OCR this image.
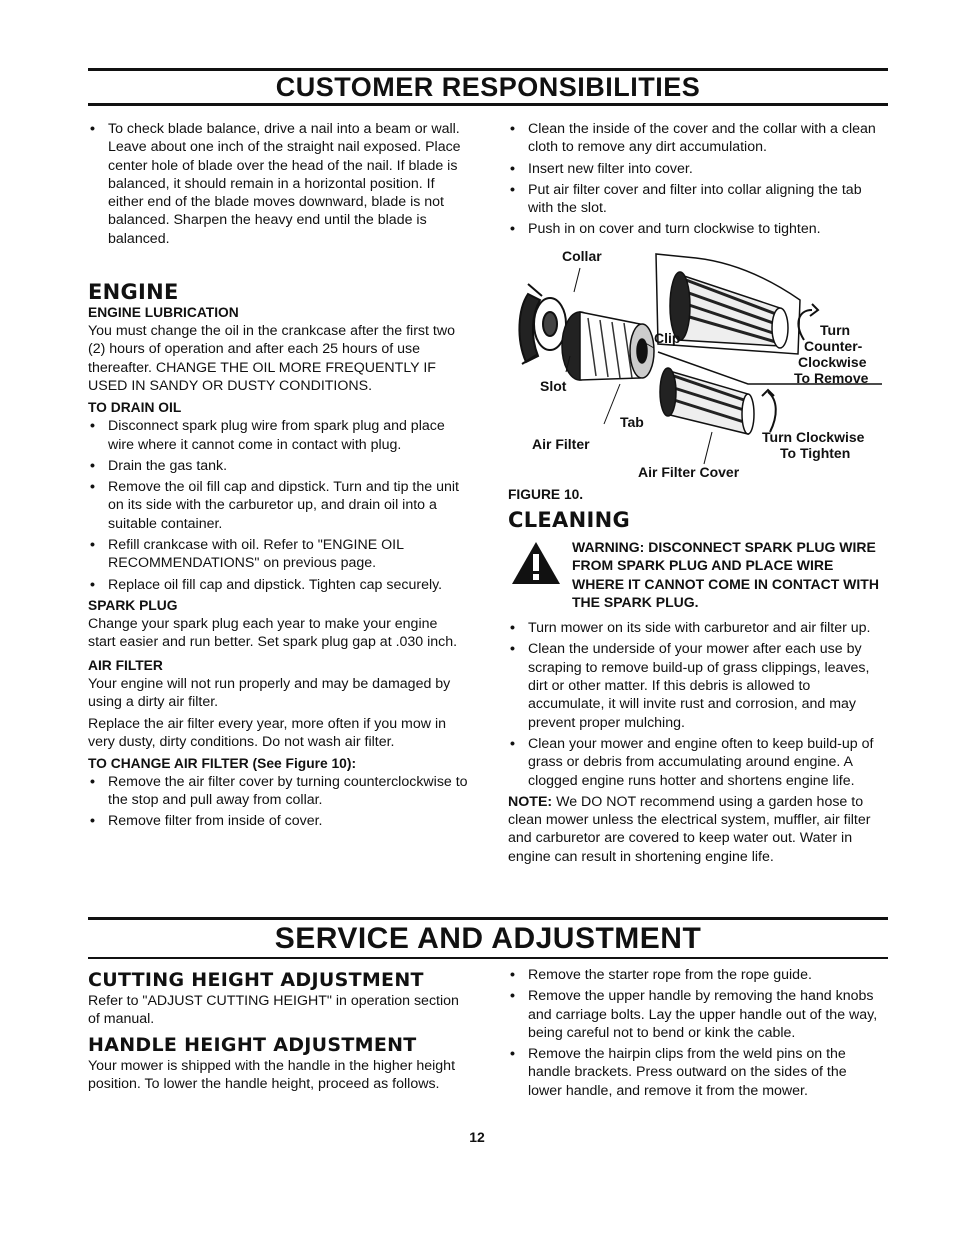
CUSTOMER RESPONSIBILITIES
• To check blade balance, drive a nail into a beam or wall. Leave about one inch of the straight nail exposed. Place center hole of blade over the head of the nail. If blade is balanced, it should remain in a horizontal position. If either end of the blade moves downward, blade is not balanced. Sharpen the heavy end until the blade is balanced.
ENGINE
ENGINE LUBRICATION
You must change the oil in the crankcase after the first two (2) hours of operation and after each 25 hours of use thereafter. CHANGE THE OIL MORE FREQUENTLY IF USED IN SANDY OR DUSTY CONDITIONS.
TO DRAIN OIL
• Disconnect spark plug wire from spark plug and place wire where it cannot come in contact with plug.
• Drain the gas tank.
• Remove the oil fill cap and dipstick. Turn and tip the unit on its side with the carburetor up, and drain oil into a suitable container.
• Refill crankcase with oil. Refer to "ENGINE OIL RECOMMENDATIONS" on previous page.
• Replace oil fill cap and dipstick. Tighten cap securely.
SPARK PLUG
Change your spark plug each year to make your engine start easier and run better. Set spark plug gap at .030 inch.
AIR FILTER
Your engine will not run properly and may be damaged by using a dirty air filter.
Replace the air filter every year, more often if you mow in very dusty, dirty conditions. Do not wash air filter.
TO CHANGE AIR FILTER (See Figure 10):
• Remove the air filter cover by turning counterclockwise to the stop and pull away from collar.
• Remove filter from inside of cover.
• Clean the inside of the cover and the collar with a clean cloth to remove any dirt accumulation.
• Insert new filter into cover.
• Put air filter cover and filter into collar aligning the tab with the slot.
• Push in on cover and turn clockwise to tighten.
Collar
Clip	Turn
Counter-
Clockwise
To Remove
Slot
Tab
Air Filter	Turn Clockwise
To Tighten
Air Filter Cover
FIGURE 10.
CLEANING
WARNING: DISCONNECT SPARK PLUG WIRE FROM SPARK PLUG AND PLACE WIRE WHERE IT CANNOT COME IN CONTACT WITH THE SPARK PLUG.
• Turn mower on its side with carburetor and air filter up.
• Clean the underside of your mower after each use by scraping to remove build-up of grass clippings, leaves, dirt or other matter. If this debris is allowed to accumulate, it will invite rust and corrosion, and may prevent proper mulching.
• Clean your mower and engine often to keep build-up of grass or debris from accumulating around engine. A clogged engine runs hotter and shortens engine life.
NOTE: We DO NOT recommend using a garden hose to clean mower unless the electrical system, muffler, air filter and carburetor are covered to keep water out. Water in engine can result in shortening engine life.
SERVICE AND ADJUSTMENT
CUTTING HEIGHT ADJUSTMENT
Refer to "ADJUST CUTTING HEIGHT" in operation section of manual.
HANDLE HEIGHT ADJUSTMENT
Your mower is shipped with the handle in the higher height position. To lower the handle height, proceed as follows.
• Remove the starter rope from the rope guide.
• Remove the upper handle by removing the hand knobs and carriage bolts. Lay the upper handle out of the way, being careful not to bend or kink the cable.
• Remove the hairpin clips from the weld pins on the handle brackets. Press outward on the sides of the lower handle, and remove it from the mower.
12
